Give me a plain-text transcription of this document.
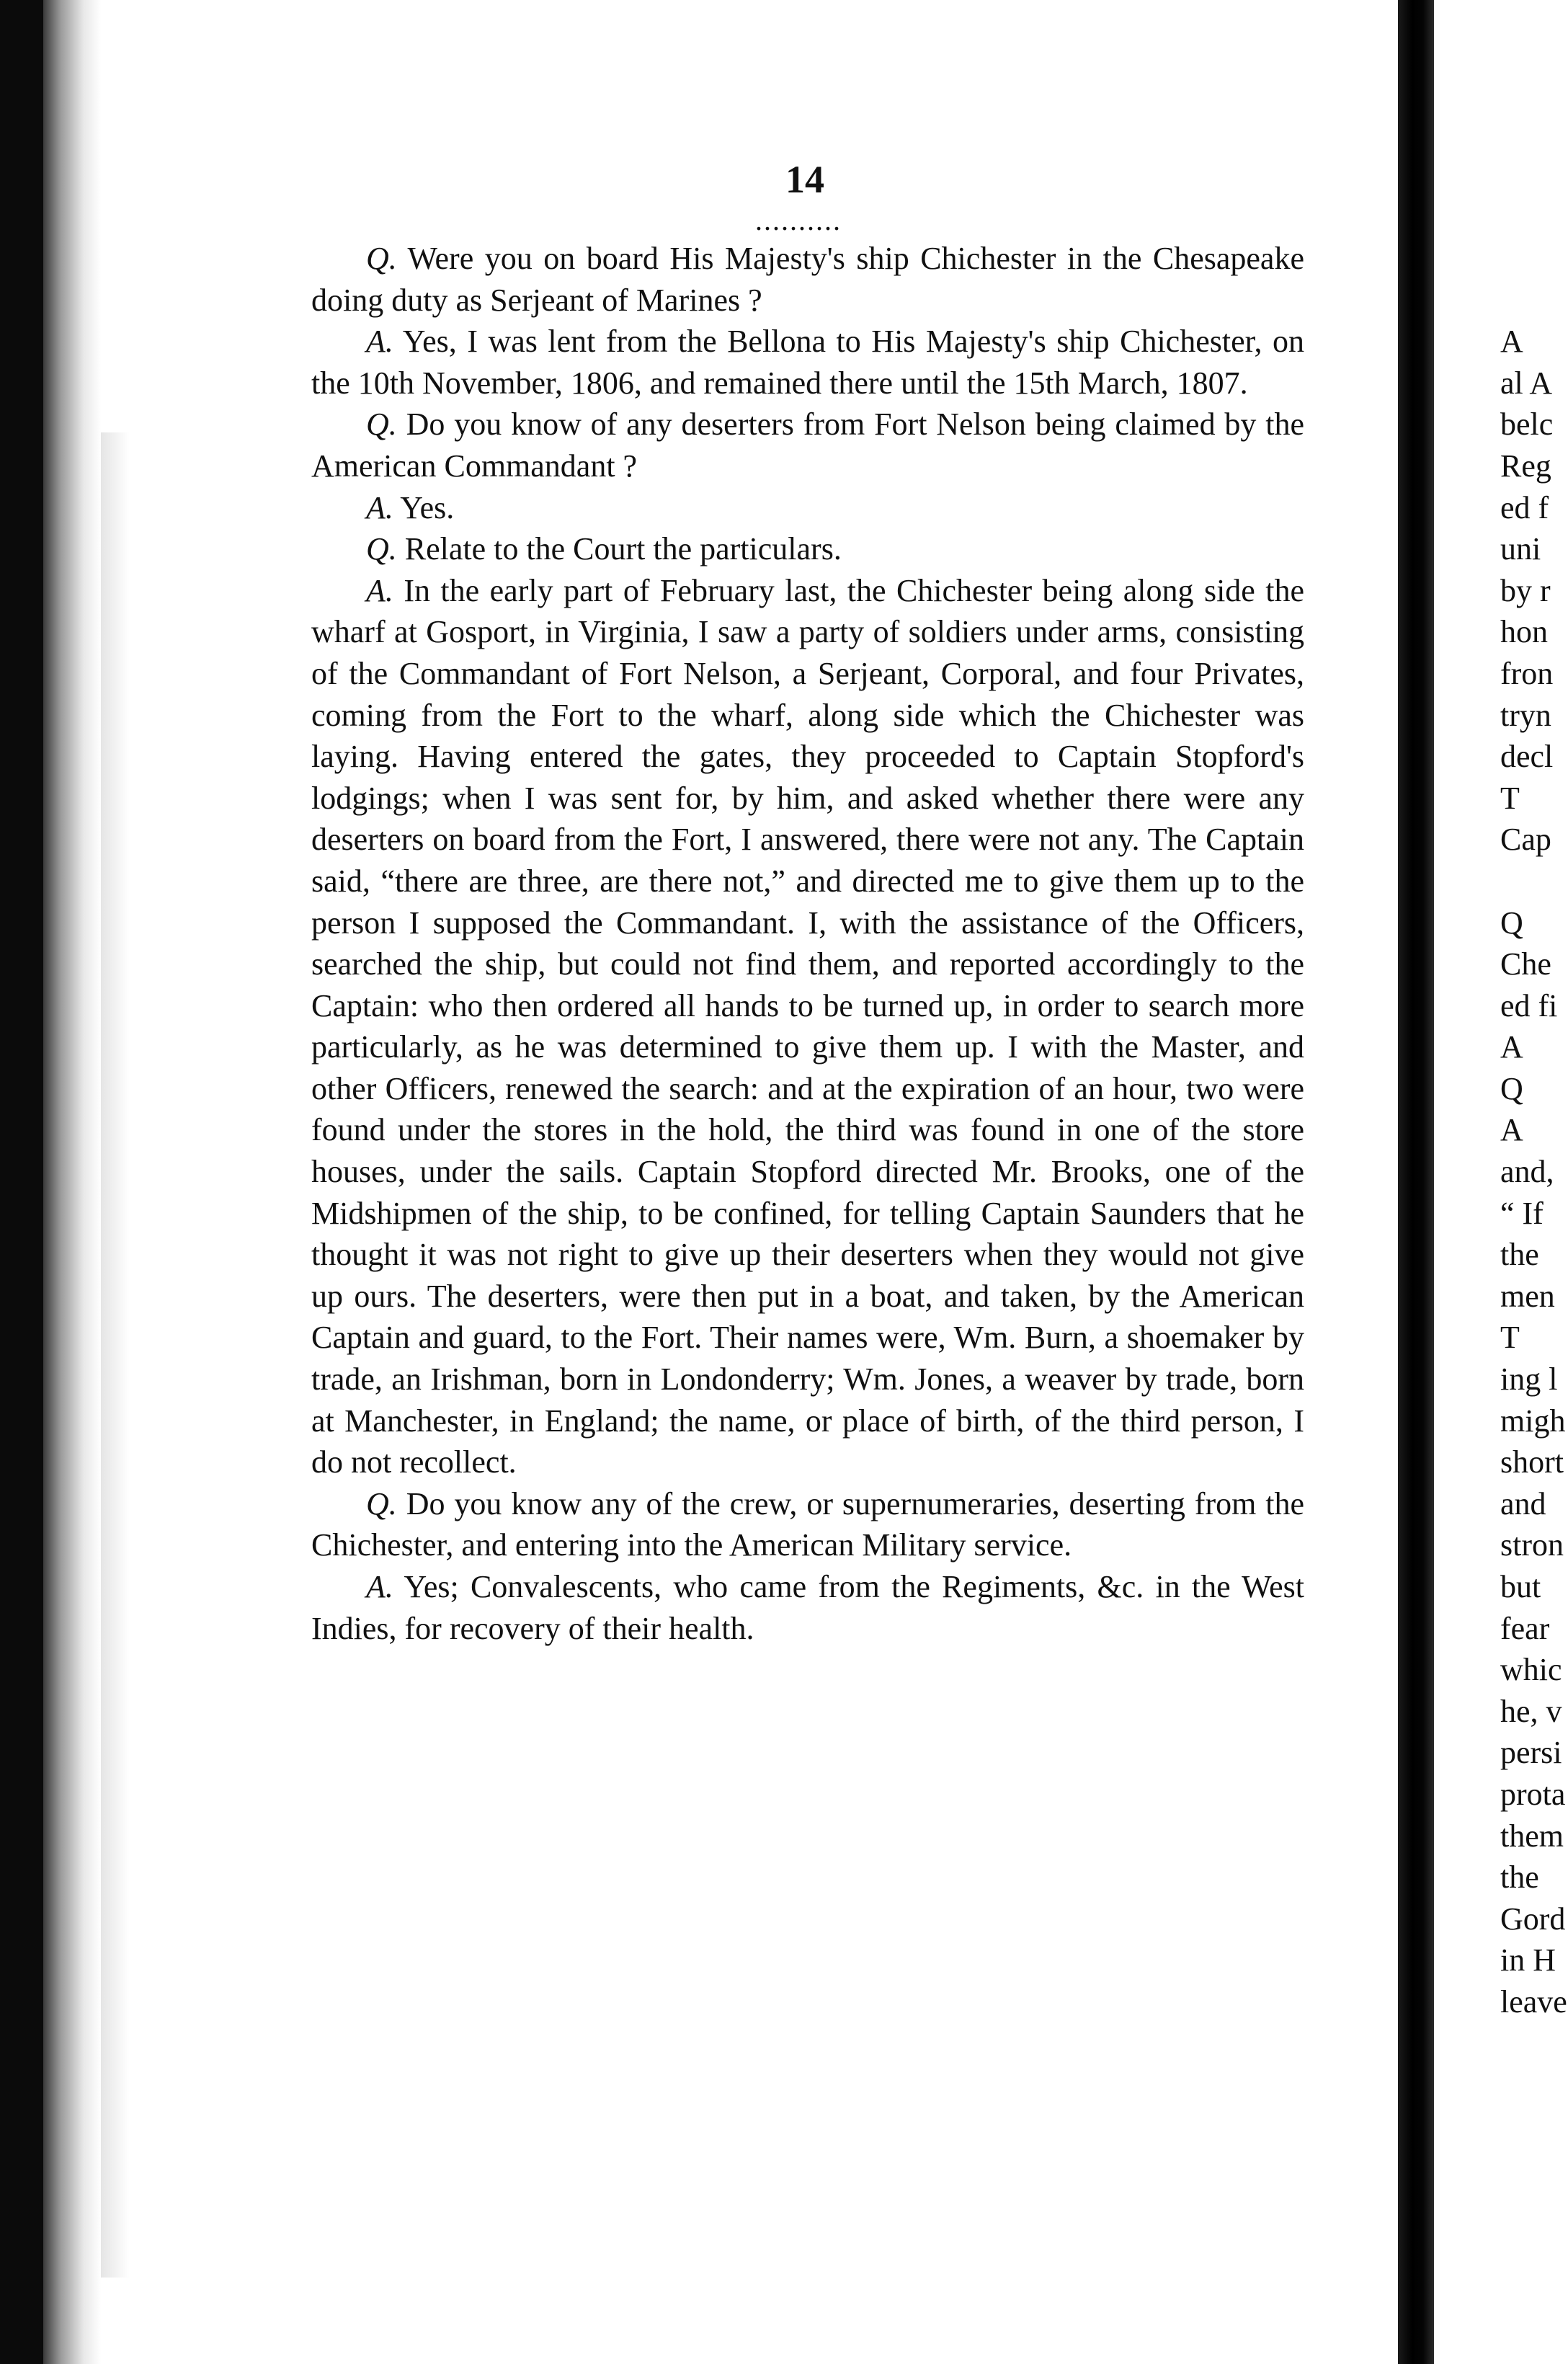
14
..........

Q. Were you on board His Majesty's ship Chichester in the Chesapeake doing duty as Serjeant of Marines ?

A. Yes, I was lent from the Bellona to His Majesty's ship Chichester, on the 10th November, 1806, and remained there until the 15th March, 1807.

Q. Do you know of any deserters from Fort Nelson being claimed by the American Commandant ?

A. Yes.

Q. Relate to the Court the particulars.

A. In the early part of February last, the Chichester being along side the wharf at Gosport, in Virginia, I saw a party of soldiers under arms, consisting of the Commandant of Fort Nelson, a Serjeant, Corporal, and four Privates, coming from the Fort to the wharf, along side which the Chichester was laying. Having entered the gates, they proceeded to Captain Stopford's lodgings; when I was sent for, by him, and asked whether there were any deserters on board from the Fort, I answered, there were not any. The Captain said, “there are three, are there not,” and directed me to give them up to the person I supposed the Commandant. I, with the assistance of the Officers, searched the ship, but could not find them, and reported accordingly to the Captain: who then ordered all hands to be turned up, in order to search more particularly, as he was determined to give them up. I with the Master, and other Officers, renewed the search: and at the expiration of an hour, two were found under the stores in the hold, the third was found in one of the store houses, under the sails. Captain Stopford directed Mr. Brooks, one of the Midshipmen of the ship, to be confined, for telling Captain Saunders that he thought it was not right to give up their deserters when they would not give up ours. The deserters, were then put in a boat, and taken, by the American Captain and guard, to the Fort. Their names were, Wm. Burn, a shoemaker by trade, an Irishman, born in Londonderry; Wm. Jones, a weaver by trade, born at Manchester, in England; the name, or place of birth, of the third person, I do not recollect.

Q. Do you know any of the crew, or supernumeraries, deserting from the Chichester, and entering into the American Military service.

A. Yes; Convalescents, who came from the Regiments, &c. in the West Indies, for recovery of their health.

A
al A
belc
Reg
ed f
uni
by r
hon
fron
tryn
decl
T
Cap
Q
Che
ed fi
A
Q
A
and,
“ If
the
men
T
ing l
migh
short
and
stron
but
fear
whic
he, v
persi
prota
them
the
Gord
in H
leave
